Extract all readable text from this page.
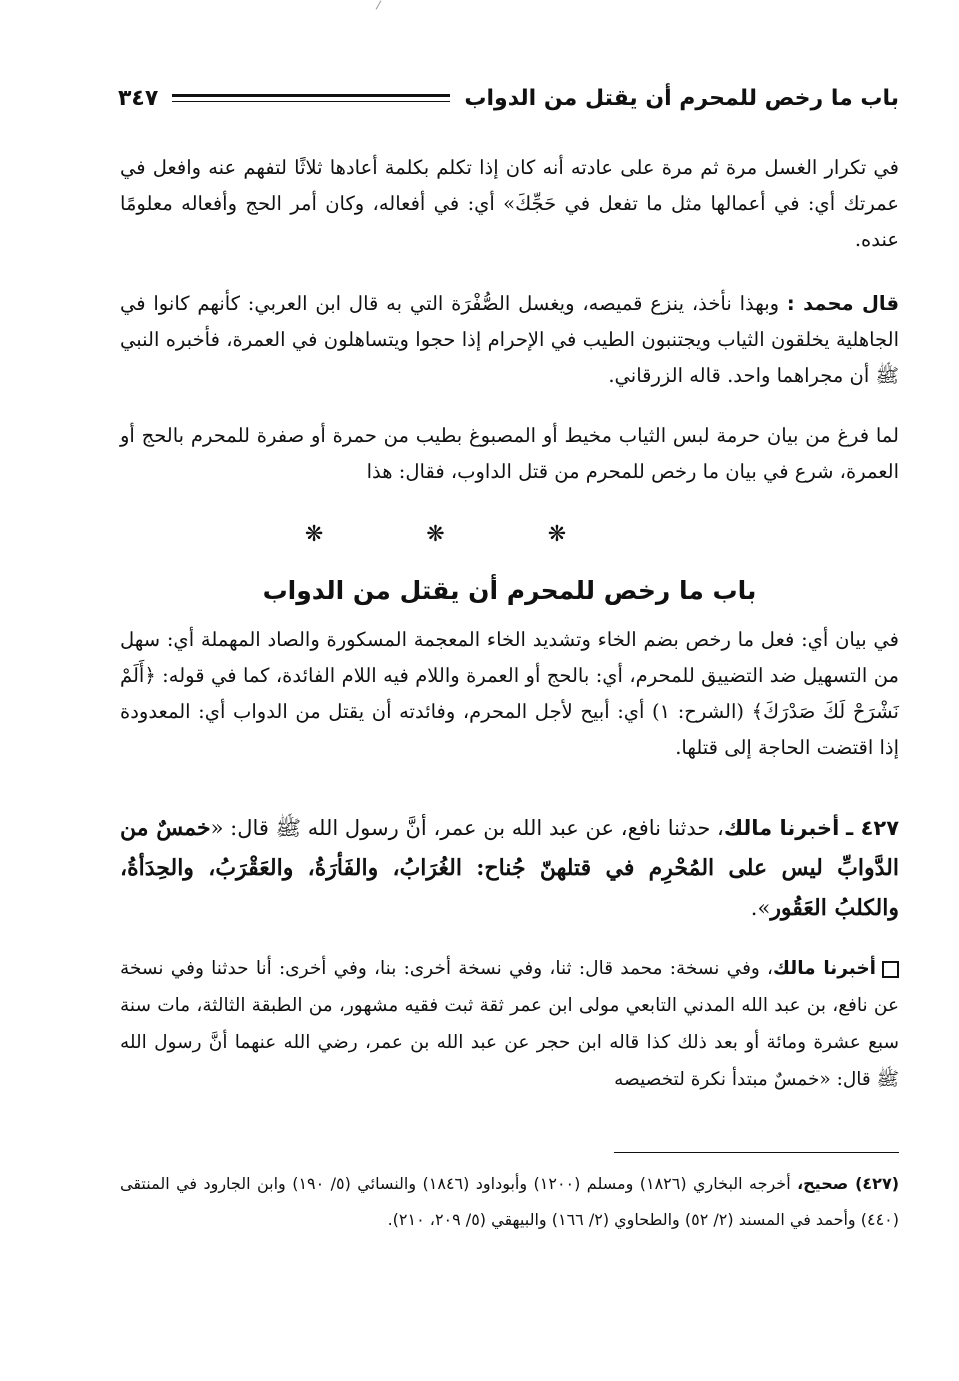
باب ما رخص للمحرم أن يقتل من الدواب
٣٤٧

في تكرار الغسل مرة ثم مرة على عادته أنه كان إذا تكلم بكلمة أعادها ثلاثًا لتفهم عنه وافعل في عمرتك أي: في أعمالها مثل ما تفعل في حَجِّكَ» أي: في أفعاله، وكان أمر الحج وأفعاله معلومًا عنده.

قال محمد : وبهذا نأخذ، ينزع قميصه، ويغسل الصُّفْرَة التي به قال ابن العربي: كأنهم كانوا في الجاهلية يخلقون الثياب ويجتنبون الطيب في الإحرام إذا حجوا ويتساهلون في العمرة، فأخبره النبي ﷺ أن مجراهما واحد. قاله الزرقاني.

لما فرغ من بيان حرمة لبس الثياب مخيط أو المصبوغ بطيب من حمرة أو صفرة للمحرم بالحج أو العمرة، شرع في بيان ما رخص للمحرم من قتل الداوب، فقال: هذا

❋ ❋ ❋
باب ما رخص للمحرم أن يقتل من الدواب

في بيان أي: فعل ما رخص بضم الخاء وتشديد الخاء المعجمة المسكورة والصاد المهملة أي: سهل من التسهيل ضد التضييق للمحرم، أي: بالحج أو العمرة واللام فيه اللام الفائدة، كما في قوله: ﴿أَلَمْ نَشْرَحْ لَكَ صَدْرَكَ﴾ (الشرح: ١) أي: أبيح لأجل المحرم، وفائدته أن يقتل من الدواب أي: المعدودة إذا اقتضت الحاجة إلى قتلها.

٤٢٧ ـ أخبرنا مالك، حدثنا نافع، عن عبد الله بن عمر، أنَّ رسول الله ﷺ قال: «خمسٌ من الدَّوابِّ ليس على المُحْرِم في قتلهنّ جُناح: الغُرَابُ، والفَأرَةُ، والعَقْرَبُ، والحِدَأةُ، والكلبُ العَقُور».

أخبرنا مالك، وفي نسخة: محمد قال: ثنا، وفي نسخة أخرى: بنا، وفي أخرى: أنا حدثنا وفي نسخة عن نافع، بن عبد الله المدني التابعي مولى ابن عمر ثقة ثبت فقيه مشهور، من الطبقة الثالثة، مات سنة سبع عشرة ومائة أو بعد ذلك كذا قاله ابن حجر عن عبد الله بن عمر، رضي الله عنهما أنَّ رسول الله ﷺ قال: «خمسٌ مبتدأ نكرة لتخصيصه

(٤٢٧) صحيح، أخرجه البخاري (١٨٢٦) ومسلم (١٢٠٠) وأبوداود (١٨٤٦) والنسائي (٥/ ١٩٠) وابن الجارود في المنتقى (٤٤٠) وأحمد في المسند (٢/ ٥٢) والطحاوي (٢/ ١٦٦) والبيهقي (٥/ ٢٠٩، ٢١٠).
